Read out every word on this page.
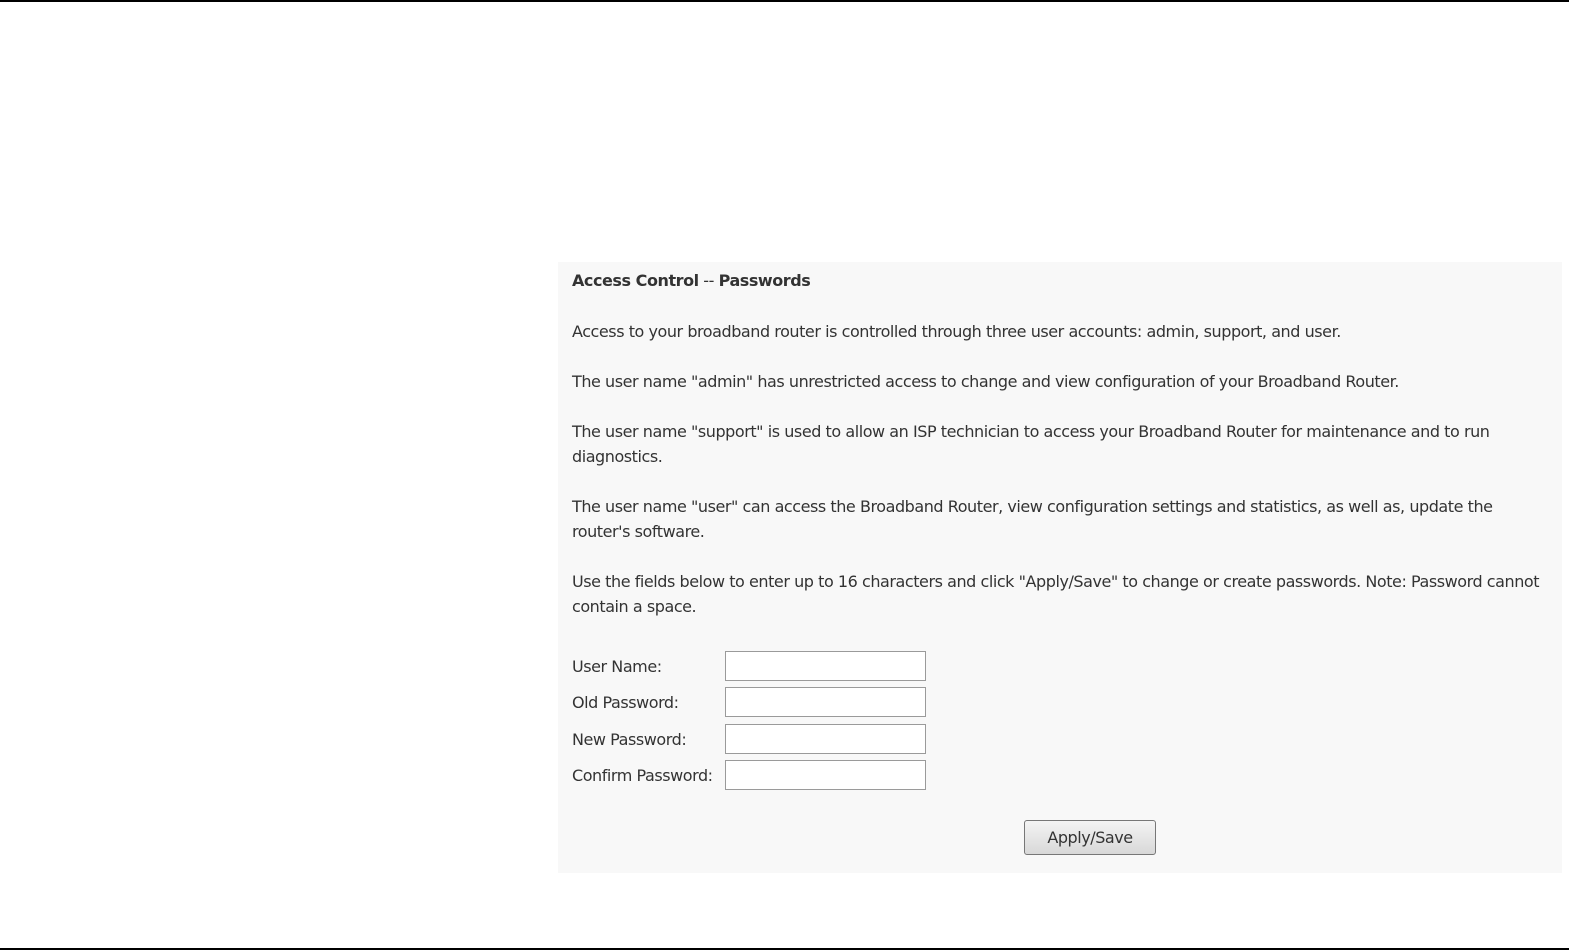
Access Control -- Passwords

Access to your broadband router is controlled through three user accounts: admin, support, and user.

The user name "admin" has unrestricted access to change and view configuration of your Broadband Router.

The user name "support" is used to allow an ISP technician to access your Broadband Router for maintenance and to run diagnostics.

The user name "user" can access the Broadband Router, view configuration settings and statistics, as well as, update the router's software.

Use the fields below to enter up to 16 characters and click "Apply/Save" to change or create passwords. Note: Password cannot contain a space.

User Name:
Old Password:
New Password:
Confirm Password:
Apply/Save
